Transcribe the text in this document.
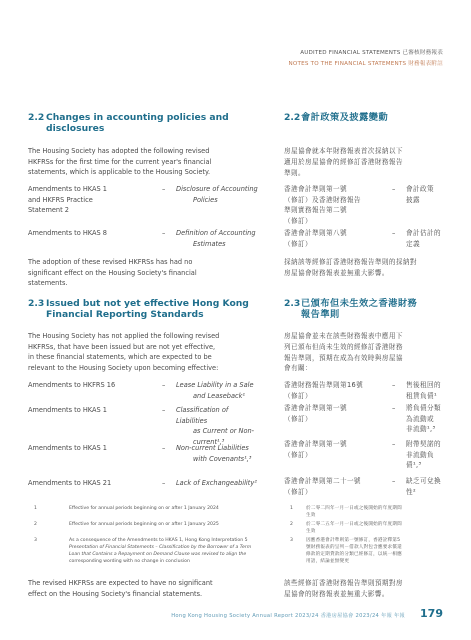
AUDITED FINANCIAL STATEMENTS 已審核財務報表
NOTES TO THE FINANCIAL STATEMENTS 財務報表附註
2.2 Changes in accounting policies and
disclosures
The Housing Society has adopted the following revised
HKFRSs for the first time for the current year's financial
statements, which is applicable to the Housing Society.
Amendments to HKAS 1
and HKFRS Practice
Statement 2
– Disclosure of Accounting
Policies
Amendments to HKAS 8	– Definition of Accounting
Estimates
The adoption of these revised HKFRSs has had no
significant effect on the Housing Society's financial
statements.
2.3 Issued but not yet effective Hong Kong
Financial Reporting Standards
The Housing Society has not applied the following revised
HKFRSs, that have been issued but are not yet effective,
in these financial statements, which are expected to be
relevant to the Housing Society upon becoming effective:
Amendments to HKFRS 16	– Lease Liability in a Sale
and Leaseback¹
Amendments to HKAS 1	– Classification of Liabilities
as Current or Non-
current¹,³
Amendments to HKAS 1	– Non-current Liabilities
with Covenants¹,³
Amendments to HKAS 21	– Lack of Exchangeability²
1	Effective for annual periods beginning on or after 1 January 2024
2	Effective for annual periods beginning on or after 1 January 2025
3	As a consequence of the Amendments to HKAS 1, Hong Kong Interpretation 5
Presentation of Financial Statements – Classification by the Borrower of a Term
Loan that Contains a Repayment on Demand Clause was revised to align the
corresponding wording with no change in conclusion
The revised HKFRSs are expected to have no significant
effect on the Housing Society's financial statements.
2.2 會計政策及披露變動
房屋協會就本年財務報表首次採納以下
適用於房屋協會的經修訂香港財務報告
準則。
香港會計準則第一號
（修訂）及香港財務報告
準則實務報告第二號
（修訂）
– 會計政策
披露
香港會計準則第八號
（修訂）
– 會計估計的
定義
採納該等經修訂香港財務報告準則的採納對
房屋協會財務報表並無重大影響。
2.3 已頒布但未生效之香港財務
報告準則
房屋協會並未在該些財務報表中應用下
列已頒布但尚未生效的經修訂香港財務
報告準則，預期在成為有效時與房屋協
會有關：
香港財務報告準則第16號
（修訂）
– 售後租回的
租賃負債¹
香港會計準則第一號
（修訂）
– 將負債分類
為流動或
非流動¹,³
香港會計準則第一號
（修訂）
– 附帶契諾的
非流動負
債¹,³
香港會計準則第二十一號
（修訂）
– 缺乏可兌換
性²
1	於二零二四年一月一日或之後開始的年度期間
生效
2	於二零二五年一月一日或之後開始的年度期間
生效
3	因應香港會計準則第一號修訂，香港詮釋第5
號財務報表的呈列－借款人對包含應要求償還
條款的定期貸款的分類已經修訂，以統一相應
用語，結論並無變更
該些經修訂香港財務報告準則預期對房
屋協會的財務報表並無重大影響。
Hong Kong Housing Society Annual Report 2023/24 香港房屋協會 2023/24 年報 年報 179
